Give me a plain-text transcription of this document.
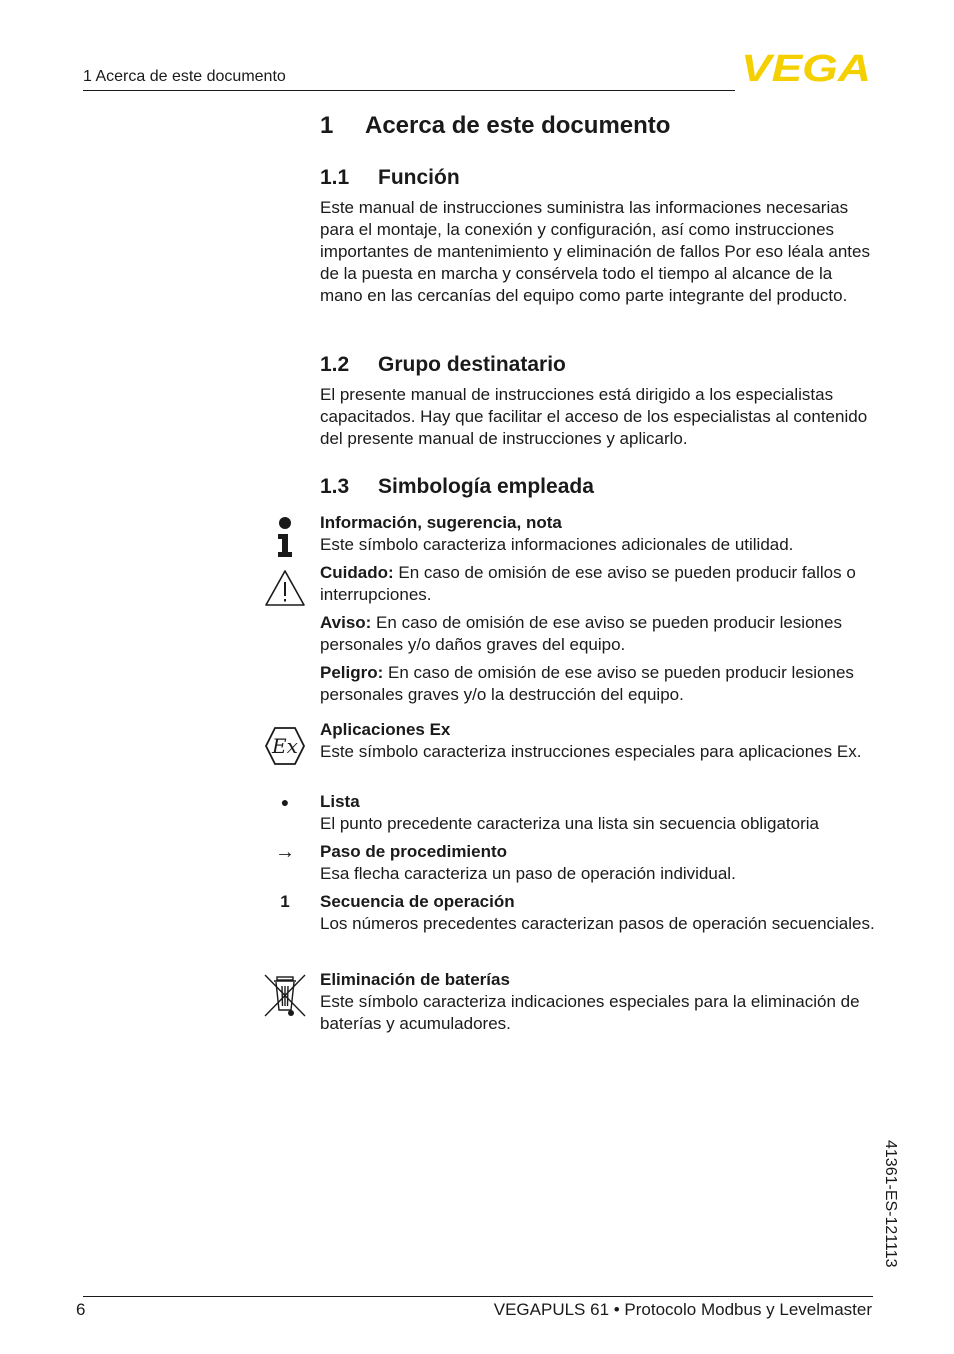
1 Acerca de este documento	VEGA
1 Acerca de este documento
1.1 Función

Este manual de instrucciones suministra las informaciones necesarias para el montaje, la conexión y configuración, así como instrucciones importantes de mantenimiento y eliminación de fallos Por eso léala antes de la puesta en marcha y consérvela todo el tiempo al alcance de la mano en las cercanías del equipo como parte integrante del producto.

1.2 Grupo destinatario

El presente manual de instrucciones está dirigido a los especialistas capacitados. Hay que facilitar el acceso de los especialistas al contenido del presente manual de instrucciones y aplicarlo.

1.3 Simbología empleada
Información, sugerencia, nota
Este símbolo caracteriza informaciones adicionales de utilidad.
Cuidado: En caso de omisión de ese aviso se pueden producir fallos o interrupciones.
Aviso: En caso de omisión de ese aviso se pueden producir lesiones personales y/o daños graves del equipo.
Peligro: En caso de omisión de ese aviso se pueden producir lesiones personales graves y/o la destrucción del equipo.
Ex
Aplicaciones Ex
Este símbolo caracteriza instrucciones especiales para aplicaciones Ex.
●	Lista
El punto precedente caracteriza una lista sin secuencia obligatoria
→	Paso de procedimiento
Esa flecha caracteriza un paso de operación individual.
1	Secuencia de operación
Los números precedentes caracterizan pasos de operación secuenciales.
Eliminación de baterías
Este símbolo caracteriza indicaciones especiales para la eliminación de baterías y acumuladores.
41361-ES-121113
6	VEGAPULS 61 • Protocolo Modbus y Levelmaster
